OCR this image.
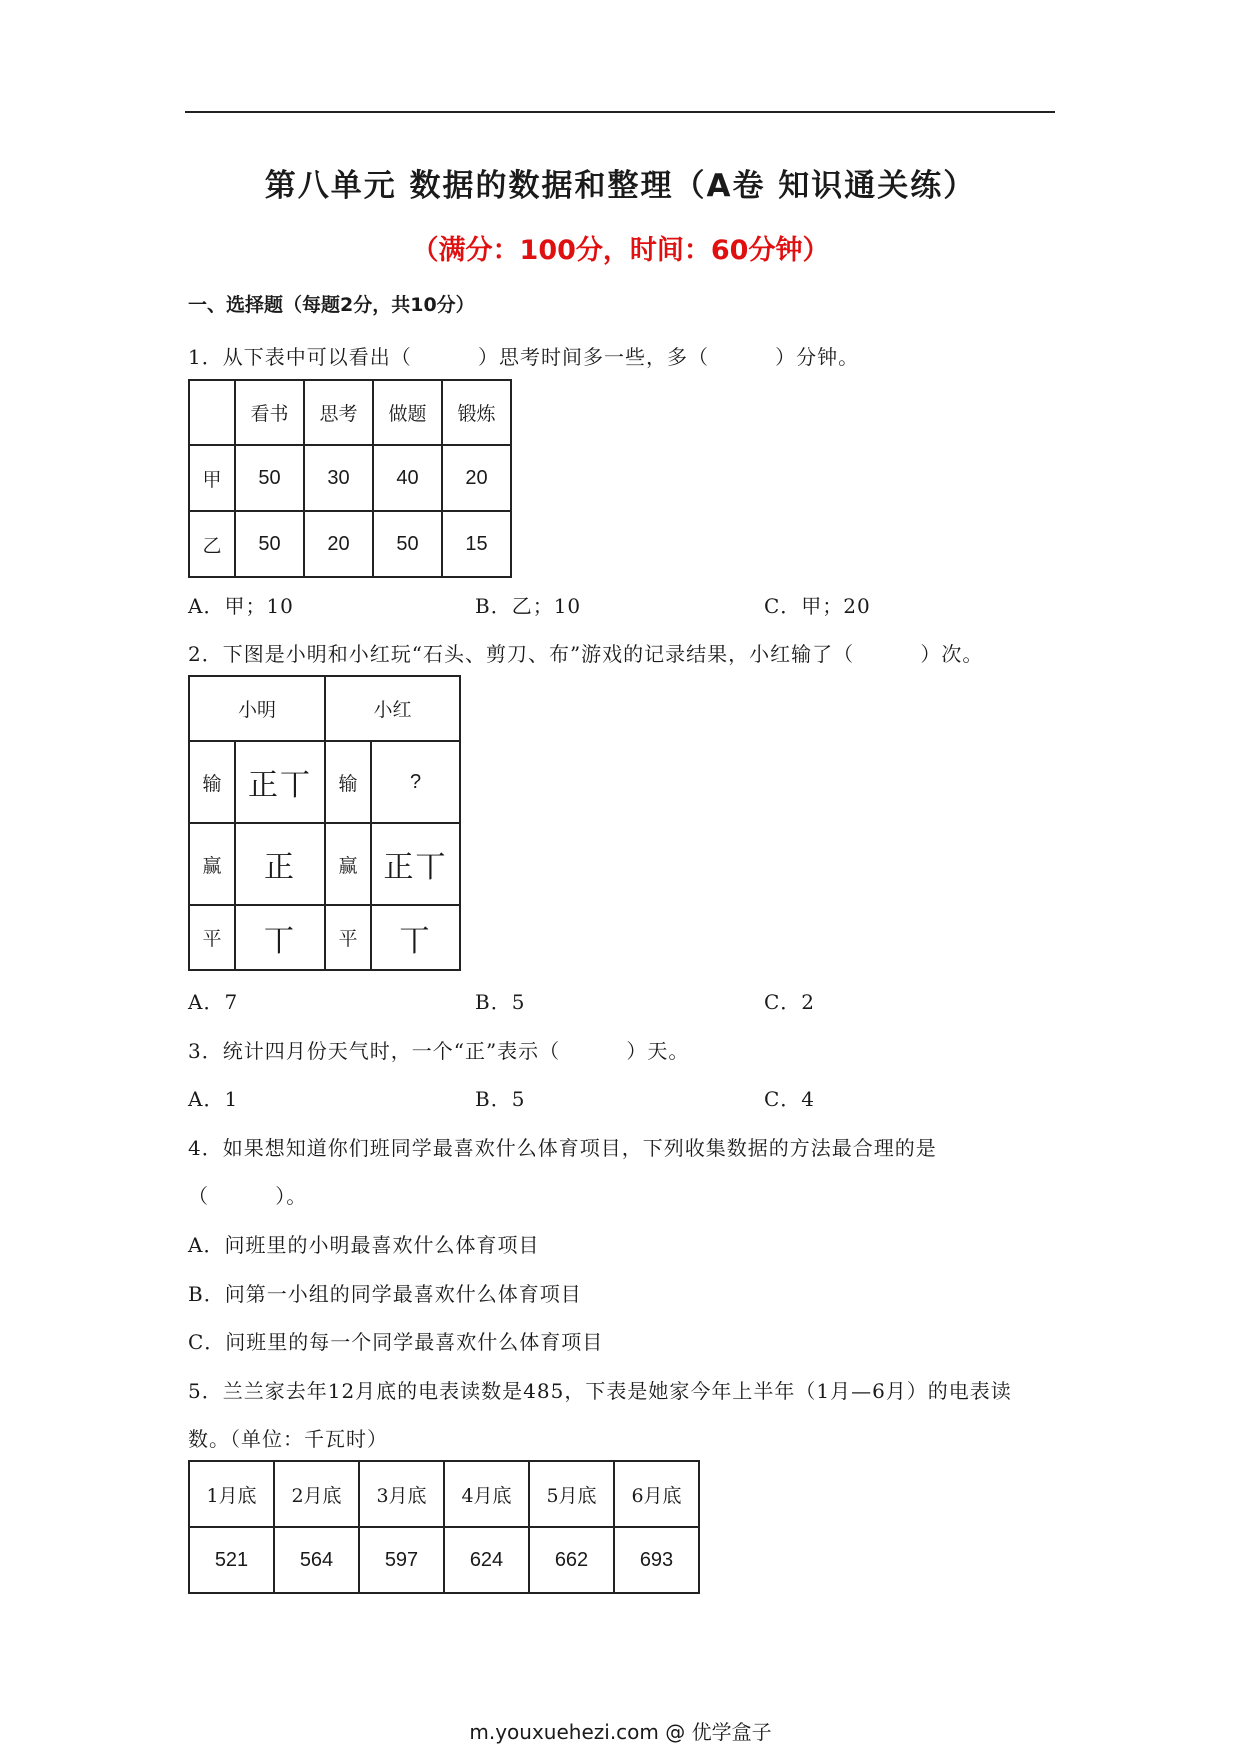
第八单元 数据的数据和整理（A卷 知识通关练）
（满分：100分，时间：60分钟）
一、选择题（每题2分，共10分）
1．从下表中可以看出（         ）思考时间多一些，多（         ）分钟。
	看书	思考	做题	锻炼
甲	50	30	40	20
乙	50	20	50	15
A．甲；10	B．乙；10	C．甲；20
2．下图是小明和小红玩“石头、剪刀、布”游戏的记录结果，小红输了（         ）次。
小明		小红	
输	正丅	输	?
赢	正	赢	正丅
平	丅	平	丅
A．7	B．5	C．2
3．统计四月份天气时，一个“正”表示（         ）天。
A．1	B．5	C．4
4．如果想知道你们班同学最喜欢什么体育项目，下列收集数据的方法最合理的是
（         ）。
A．问班里的小明最喜欢什么体育项目
B．问第一小组的同学最喜欢什么体育项目
C．问班里的每一个同学最喜欢什么体育项目
5．兰兰家去年12月底的电表读数是485，下表是她家今年上半年（1月—6月）的电表读
数。（单位：千瓦时）
1月底	2月底	3月底	4月底	5月底	6月底
521	564	597	624	662	693
m.youxuehezi.com @ 优学盒子
